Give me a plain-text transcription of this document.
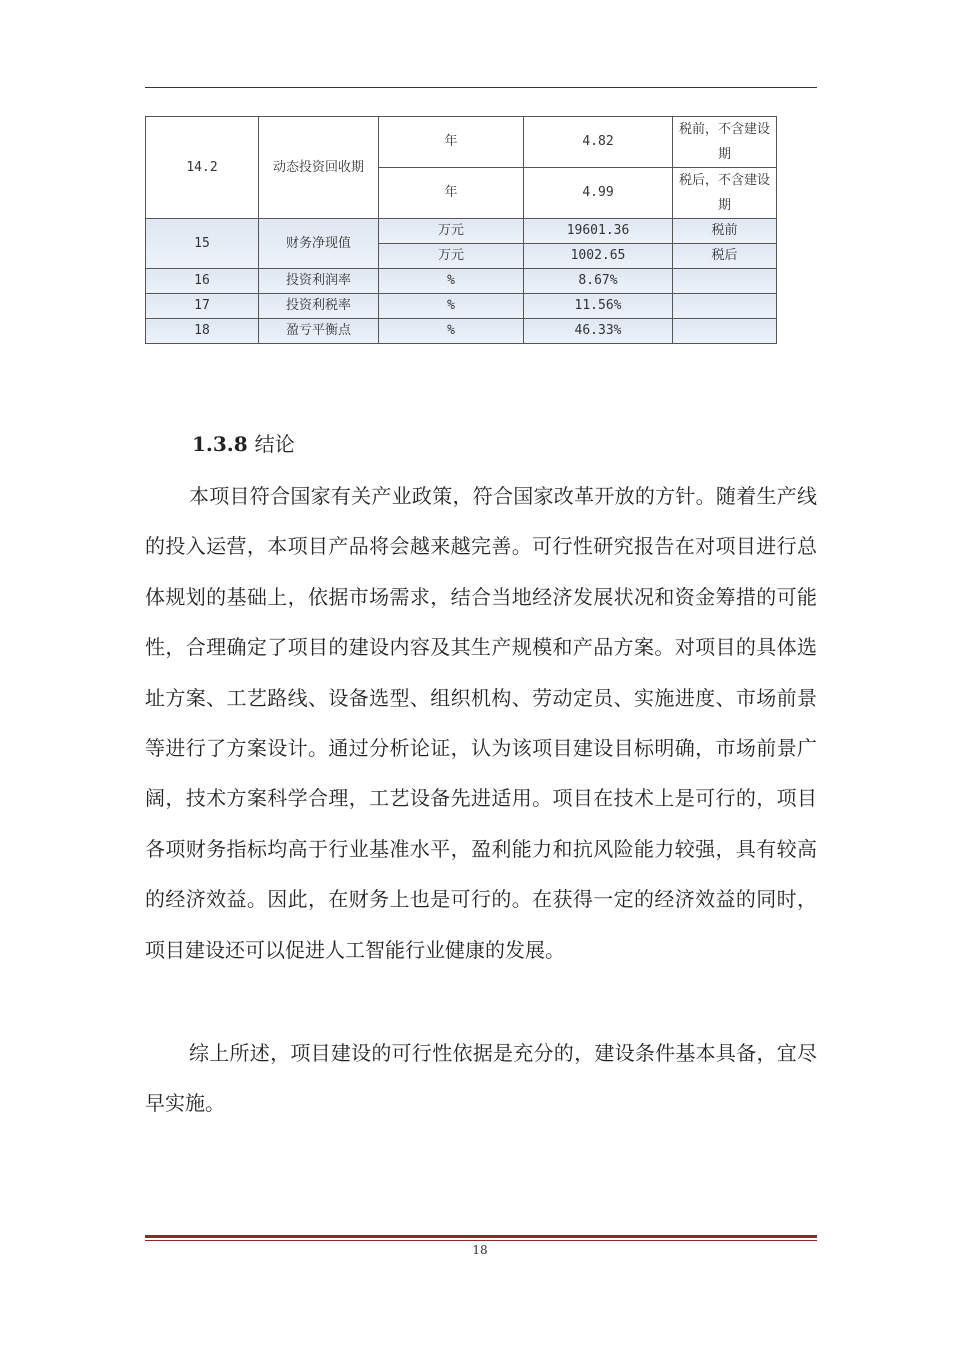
14.2	动态投资回收期	年	4.82	税前，不含建设期
		年	4.99	税后，不含建设期
15	财务净现值	万元	19601.36	税前
		万元	1002.65	税后
16	投资利润率	%	8.67%	
17	投资利税率	%	11.56%	
18	盈亏平衡点	%	46.33%	
1.3.8 结论

本项目符合国家有关产业政策，符合国家改革开放的方针。随着生产线的投入运营，本项目产品将会越来越完善。可行性研究报告在对项目进行总体规划的基础上，依据市场需求，结合当地经济发展状况和资金筹措的可能性，合理确定了项目的建设内容及其生产规模和产品方案。对项目的具体选址方案、工艺路线、设备选型、组织机构、劳动定员、实施进度、市场前景等进行了方案设计。通过分析论证，认为该项目建设目标明确，市场前景广阔，技术方案科学合理，工艺设备先进适用。项目在技术上是可行的，项目各项财务指标均高于行业基准水平，盈利能力和抗风险能力较强，具有较高的经济效益。因此，在财务上也是可行的。在获得一定的经济效益的同时，项目建设还可以促进人工智能行业健康的发展。

综上所述，项目建设的可行性依据是充分的，建设条件基本具备，宜尽早实施。

18
